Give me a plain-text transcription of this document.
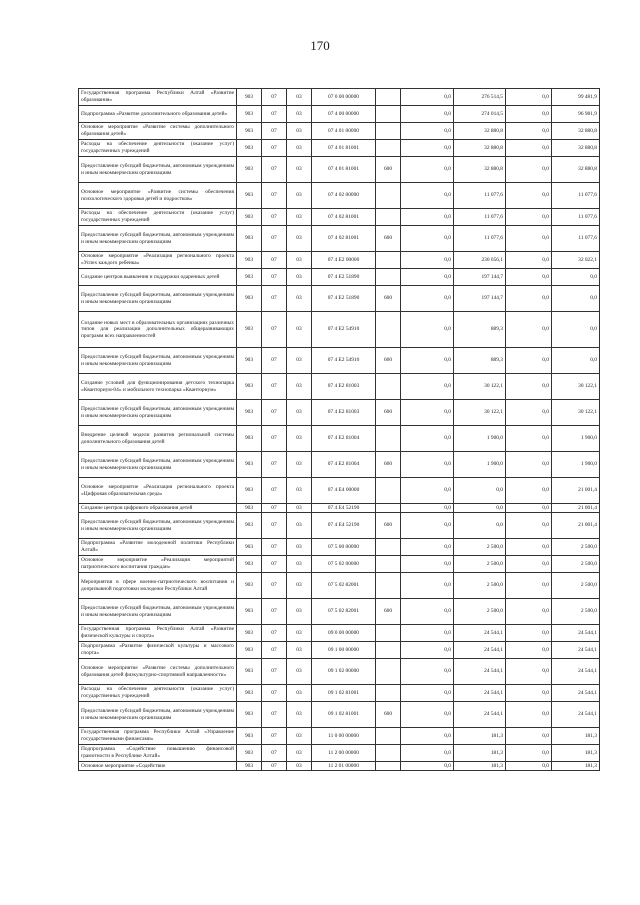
170
Государственная программа Республики Алтай «Развитие образования»	903	07	03	07 0 00 00000		0,0	276 514,5	0,0	99 481,9
Подпрограмма «Развитие дополнительного образования детей»	903	07	03	07 4 00 00000		0,0	274 014,5	0,0	96 981,9
Основное мероприятие «Развитие системы дополнительного образования детей»	903	07	03	07 4 01 00000		0,0	32 880,8	0,0	32 880,8
Расходы на обеспечение деятельности (оказание услуг) государственных учреждений	903	07	03	07 4 01 81001		0,0	32 880,8	0,0	32 880,8
Предоставление субсидий бюджетным, автономным учреждениям и иным некоммерческим организациям	903	07	03	07 4 01 81001	600	0,0	32 880,8	0,0	32 880,8
Основное мероприятие «Развитие системы обеспечения психологического здоровья детей и подростков»	903	07	03	07 4 02 00000		0,0	11 077,6	0,0	11 077,6
Расходы на обеспечение деятельности (оказание услуг) государственных учреждений	903	07	03	07 4 02 81001		0,0	11 077,6	0,0	11 077,6
Предоставление субсидий бюджетным, автономным учреждениям и иным некоммерческим организациям	903	07	03	07 4 02 81001	600	0,0	11 077,6	0,0	11 077,6
Основное мероприятие «Реализация регионального проекта «Успех каждого ребенка»	903	07	03	07 4 E2 00000		0,0	230 056,1	0,0	32 022,1
Создание центров выявления и поддержки одаренных детей	903	07	03	07 4 E2 51890		0,0	197 144,7	0,0	0,0
Предоставление субсидий бюджетным, автономным учреждениям и иным некоммерческим организациям	903	07	03	07 4 E2 51890	600	0,0	197 144,7	0,0	0,0
Создание новых мест в образовательных организациях различных типов для реализации дополнительных общеразвивающих программ всех направленностей	903	07	03	07 4 E2 54910		0,0	889,3	0,0	0,0
Предоставление субсидий бюджетным, автономным учреждениям и иным некоммерческим организациям	903	07	03	07 4 E2 54910	600	0,0	889,3	0,0	0,0
Создание условий для функционирования детского технопарка «Кванториум-04» и мобильного технопарка «Кванториум»	903	07	03	07 4 E2 81003		0,0	30 122,1	0,0	30 122,1
Предоставление субсидий бюджетным, автономным учреждениям и иным некоммерческим организациям	903	07	03	07 4 E2 81003	600	0,0	30 122,1	0,0	30 122,1
Внедрение целевой модели развития региональной системы дополнительного образования детей	903	07	03	07 4 E2 81004		0,0	1 900,0	0,0	1 900,0
Предоставление субсидий бюджетным, автономным учреждениям и иным некоммерческим организациям	903	07	03	07 4 E2 81004	600	0,0	1 900,0	0,0	1 900,0
Основное мероприятие «Реализация регионального проекта «Цифровая образовательная среда»	903	07	03	07 4 E4 00000		0,0	0,0	0,0	21 001,4
Создание центров цифрового образования детей	903	07	03	07 4 E4 52190		0,0	0,0	0,0	21 001,4
Предоставление субсидий бюджетным, автономным учреждениям и иным некоммерческим организациям	903	07	03	07 4 E4 52190	600	0,0	0,0	0,0	21 001,4
Подпрограмма «Развитие молодежной политики Республики Алтай»	903	07	03	07 5 00 00000		0,0	2 500,0	0,0	2 500,0
Основное мероприятие «Реализация мероприятий патриотического воспитания граждан»	903	07	03	07 5 02 00000		0,0	2 500,0	0,0	2 500,0
Мероприятия в сфере военно-патриотического воспитания и допризывной подготовки молодежи Республики Алтай	903	07	03	07 5 02 82001		0,0	2 500,0	0,0	2 500,0
Предоставление субсидий бюджетным, автономным учреждениям и иным некоммерческим организациям	903	07	03	07 5 02 82001	600	0,0	2 500,0	0,0	2 500,0
Государственная программа Республики Алтай «Развитие физической культуры и спорта»	903	07	03	09 0 00 00000		0,0	24 544,1	0,0	24 544,1
Подпрограмма «Развитие физической культуры и массового спорта»	903	07	03	09 1 00 00000		0,0	24 544,1	0,0	24 544,1
Основное мероприятие «Развитие системы дополнительного образования детей физкультурно-спортивной направленности»	903	07	03	09 1 02 00000		0,0	24 544,1	0,0	24 544,1
Расходы на обеспечение деятельности (оказание услуг) государственных учреждений	903	07	03	09 1 02 81001		0,0	24 544,1	0,0	24 544,1
Предоставление субсидий бюджетным, автономным учреждениям и иным некоммерческим организациям	903	07	03	09 1 02 81001	600	0,0	24 544,1	0,0	24 544,1
Государственная программа Республики Алтай «Управление государственными финансами»	903	07	03	11 0 00 00000		0,0	181,3	0,0	181,3
Подпрограмма «Содействие повышению финансовой грамотности в Республике Алтай»	903	07	03	11 2 00 00000		0,0	181,3	0,0	181,3
Основное мероприятие «Содействие	903	07	03	11 2 01 00000		0,0	181,3	0,0	181,3
